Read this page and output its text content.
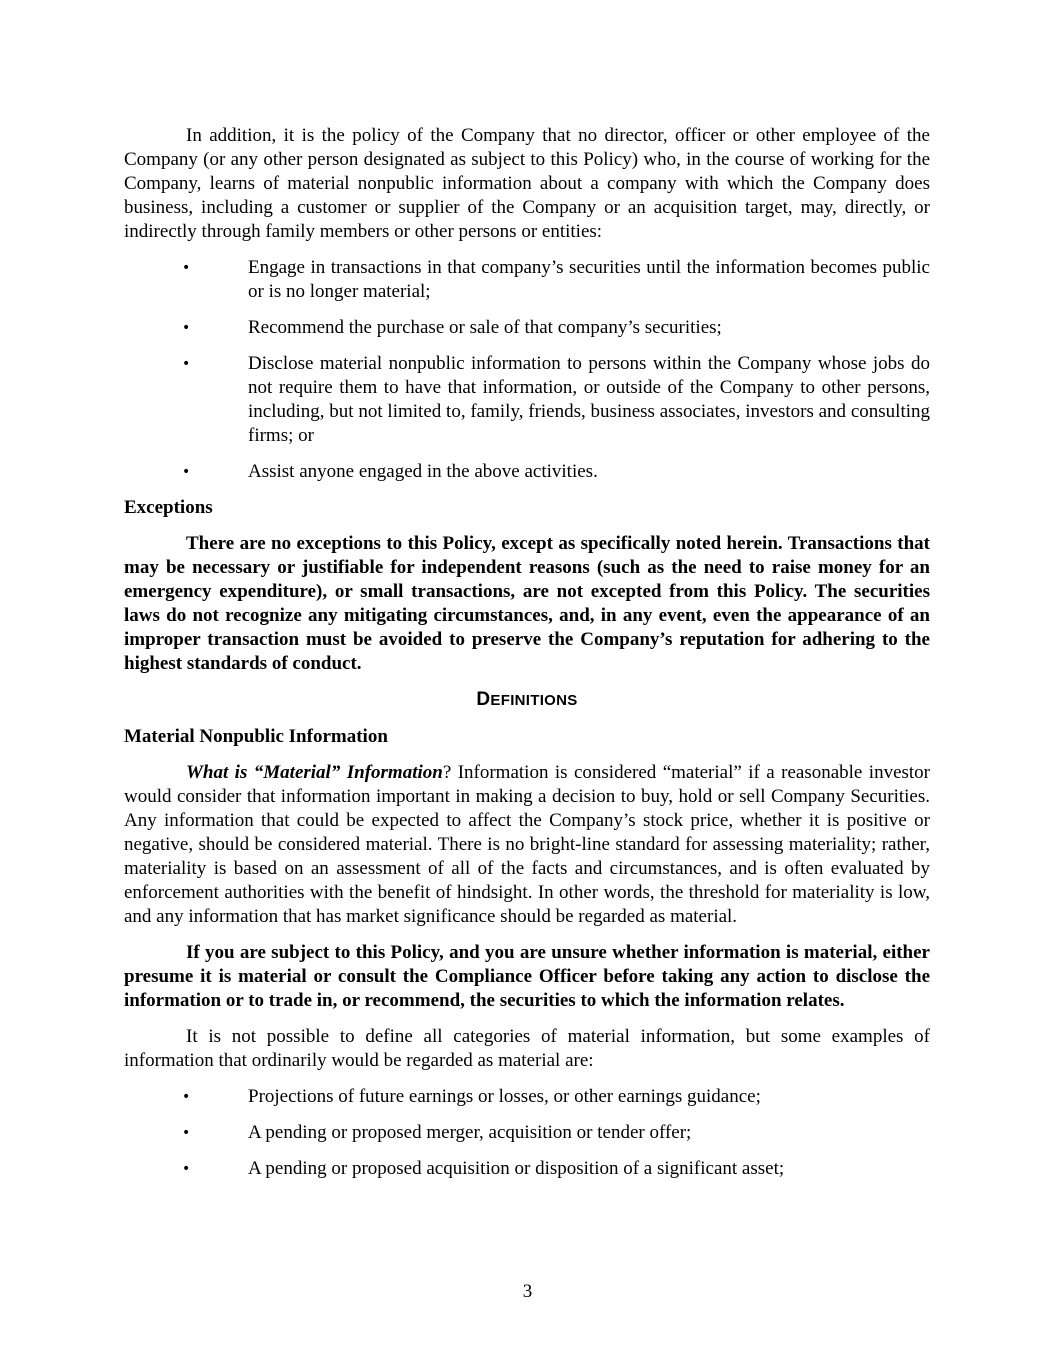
In addition, it is the policy of the Company that no director, officer or other employee of the Company (or any other person designated as subject to this Policy) who, in the course of working for the Company, learns of material nonpublic information about a company with which the Company does business, including a customer or supplier of the Company or an acquisition target, may, directly, or indirectly through family members or other persons or entities:

•	Engage in transactions in that company’s securities until the information becomes public or is no longer material;
•	Recommend the purchase or sale of that company’s securities;
•	Disclose material nonpublic information to persons within the Company whose jobs do not require them to have that information, or outside of the Company to other persons, including, but not limited to, family, friends, business associates, investors and consulting firms; or
•	Assist anyone engaged in the above activities.

Exceptions

There are no exceptions to this Policy, except as specifically noted herein. Transactions that may be necessary or justifiable for independent reasons (such as the need to raise money for an emergency expenditure), or small transactions, are not excepted from this Policy. The securities laws do not recognize any mitigating circumstances, and, in any event, even the appearance of an improper transaction must be avoided to preserve the Company’s reputation for adhering to the highest standards of conduct.

DEFINITIONS

Material Nonpublic Information

What is “Material” Information? Information is considered “material” if a reasonable investor would consider that information important in making a decision to buy, hold or sell Company Securities. Any information that could be expected to affect the Company’s stock price, whether it is positive or negative, should be considered material. There is no bright-line standard for assessing materiality; rather, materiality is based on an assessment of all of the facts and circumstances, and is often evaluated by enforcement authorities with the benefit of hindsight. In other words, the threshold for materiality is low, and any information that has market significance should be regarded as material.

If you are subject to this Policy, and you are unsure whether information is material, either presume it is material or consult the Compliance Officer before taking any action to disclose the information or to trade in, or recommend, the securities to which the information relates.

It is not possible to define all categories of material information, but some examples of information that ordinarily would be regarded as material are:

•	Projections of future earnings or losses, or other earnings guidance;
•	A pending or proposed merger, acquisition or tender offer;
•	A pending or proposed acquisition or disposition of a significant asset;
3
